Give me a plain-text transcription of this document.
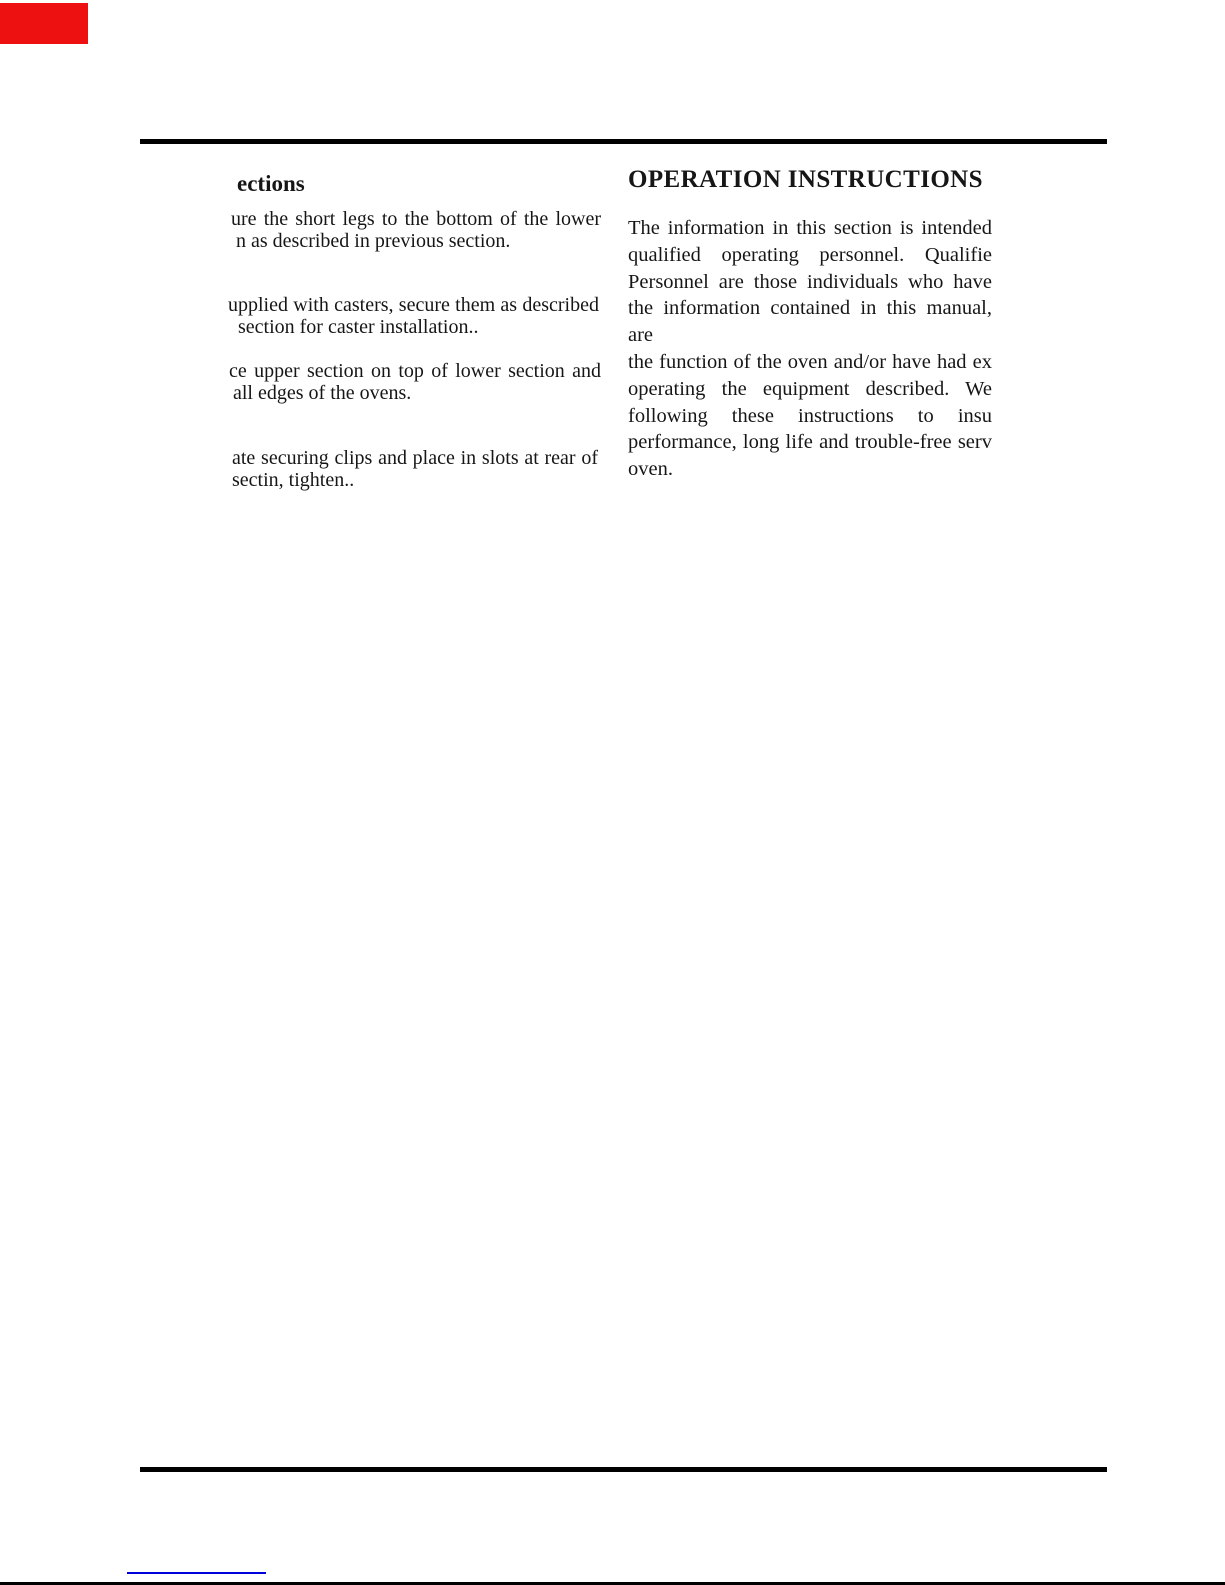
ections
ure the short legs to the bottom of the lower
n as described in previous section.
upplied with casters, secure them as described
section for caster installation..
ce upper section on top of lower section and
all edges of the ovens.
ate securing clips and place in slots at rear of
sectin, tighten..
OPERATION INSTRUCTIONS
The information in this section is intended
qualified operating personnel. Qualifie
Personnel are those individuals who have
the information contained in this manual, are
the function of the oven and/or have had ex
operating the equipment described. We
following these instructions to insu
performance, long life and trouble-free serv
oven.
